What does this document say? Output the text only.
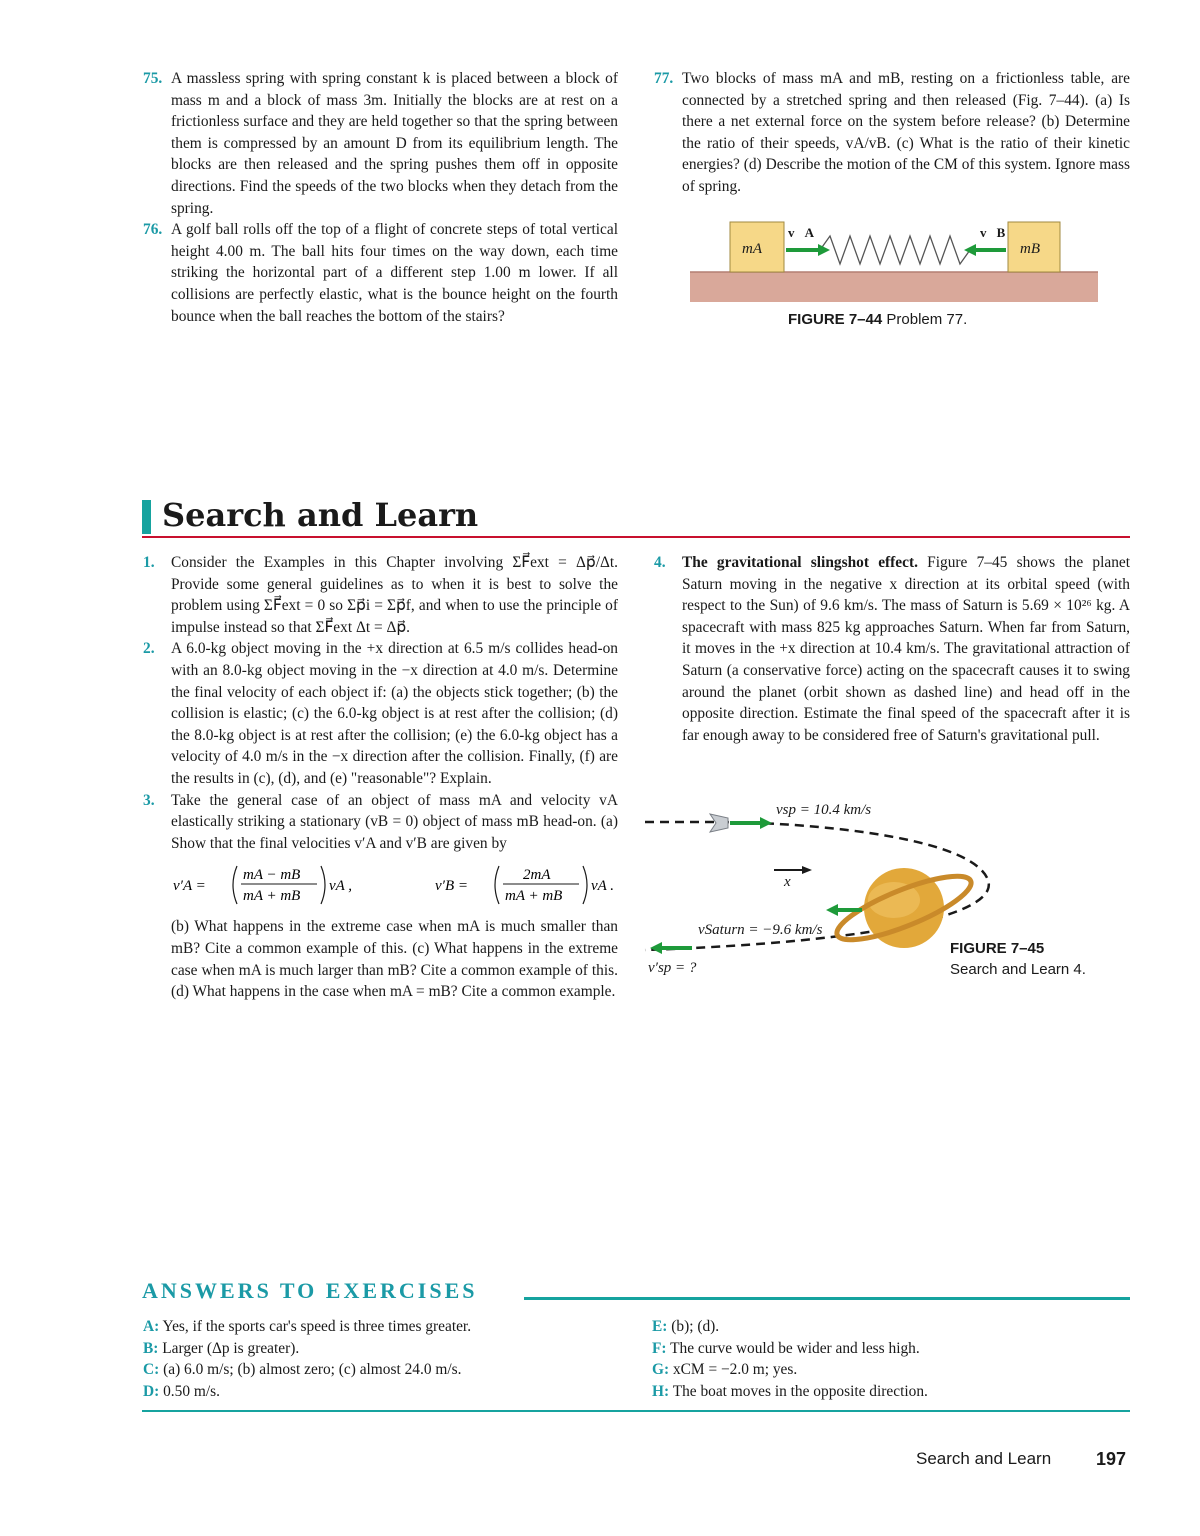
75. A massless spring with spring constant k is placed between a block of mass m and a block of mass 3m. Initially the blocks are at rest on a frictionless surface and they are held together so that the spring between them is compressed by an amount D from its equilibrium length. The blocks are then released and the spring pushes them off in opposite directions. Find the speeds of the two blocks when they detach from the spring.

76. A golf ball rolls off the top of a flight of concrete steps of total vertical height 4.00 m. The ball hits four times on the way down, each time striking the horizontal part of a different step 1.00 m lower. If all collisions are perfectly elastic, what is the bounce height on the fourth bounce when the ball reaches the bottom of the stairs?

77. Two blocks of mass mA and mB, resting on a frictionless table, are connected by a stretched spring and then released (Fig. 7–44). (a) Is there a net external force on the system before release? (b) Determine the ratio of their speeds, vA/vB. (c) What is the ratio of their kinetic energies? (d) Describe the motion of the CM of this system. Ignore mass of spring.

mA	mB
v⃗A	v⃗B
FIGURE 7–44 Problem 77.
Search and Learn
1. Consider the Examples in this Chapter involving ΣF⃗ext = Δp⃗/Δt. Provide some general guidelines as to when it is best to solve the problem using ΣF⃗ext = 0 so Σp⃗i = Σp⃗f, and when to use the principle of impulse instead so that ΣF⃗ext Δt = Δp⃗.

2. A 6.0-kg object moving in the +x direction at 6.5 m/s collides head-on with an 8.0-kg object moving in the −x direction at 4.0 m/s. Determine the final velocity of each object if: (a) the objects stick together; (b) the collision is elastic; (c) the 6.0-kg object is at rest after the collision; (d) the 8.0-kg object is at rest after the collision; (e) the 6.0-kg object has a velocity of 4.0 m/s in the −x direction after the collision. Finally, (f) are the results in (c), (d), and (e) "reasonable"? Explain.

3. Take the general case of an object of mass mA and velocity vA elastically striking a stationary (vB = 0) object of mass mB head-on. (a) Show that the final velocities v′A and v′B are given by

v′A =
mA − mB
mA + mB
vA ,	v′B =
2mA
mA + mB
vA .

(b) What happens in the extreme case when mA is much smaller than mB? Cite a common example of this. (c) What happens in the extreme case when mA is much larger than mB? Cite a common example of this. (d) What happens in the case when mA = mB? Cite a common example.

4. The gravitational slingshot effect. Figure 7–45 shows the planet Saturn moving in the negative x direction at its orbital speed (with respect to the Sun) of 9.6 km/s. The mass of Saturn is 5.69 × 10²⁶ kg. A spacecraft with mass 825 kg approaches Saturn. When far from Saturn, it moves in the +x direction at 10.4 km/s. The gravitational attraction of Saturn (a conservative force) acting on the spacecraft causes it to swing around the planet (orbit shown as dashed line) and head off in the opposite direction. Estimate the final speed of the spacecraft after it is far enough away to be considered free of Saturn's gravitational pull.

vsp = 10.4 km/s
x
vSaturn = −9.6 km/s
v′sp = ?
FIGURE 7–45
Search and Learn 4.
ANSWERS TO EXERCISES
A: Yes, if the sports car's speed is three times greater.
B: Larger (Δp is greater).
C: (a) 6.0 m/s; (b) almost zero; (c) almost 24.0 m/s.
D: 0.50 m/s.
E: (b); (d).
F: The curve would be wider and less high.
G: xCM = −2.0 m; yes.
H: The boat moves in the opposite direction.
Search and Learn 197
